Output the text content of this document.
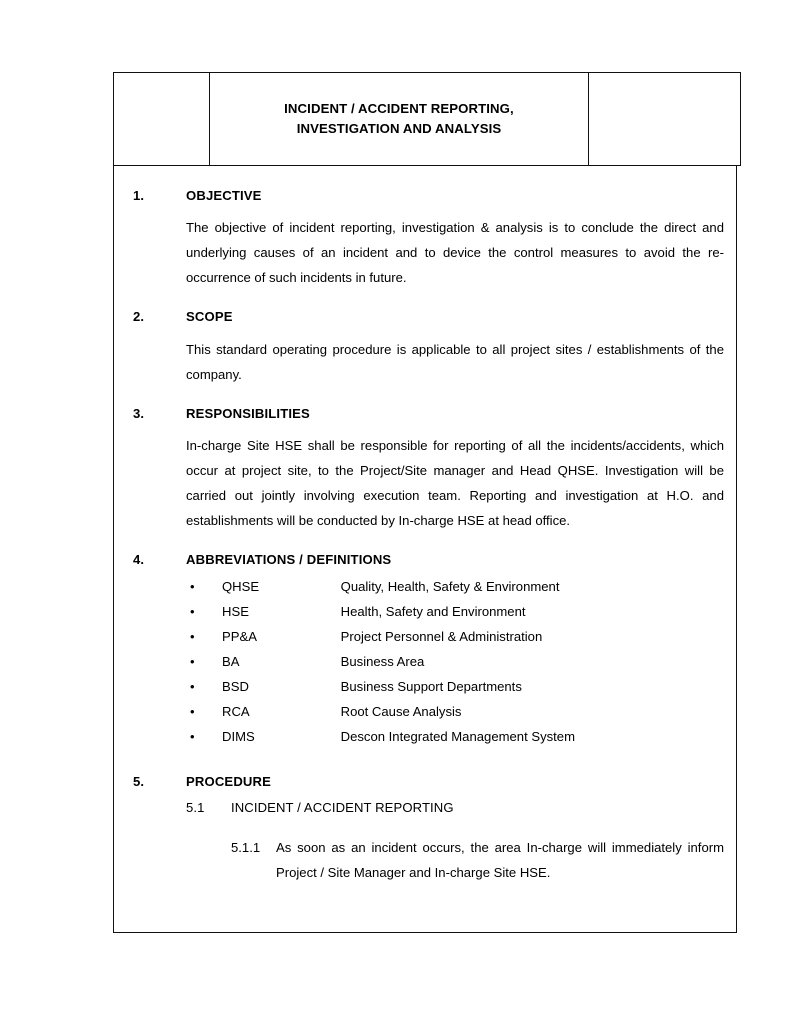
INCIDENT / ACCIDENT REPORTING,
INVESTIGATION AND ANALYSIS

1.	OBJECTIVE

The objective of incident reporting, investigation & analysis is to conclude the direct and underlying causes of an incident and to device the control measures to avoid the re-occurrence of such incidents in future.

2.	SCOPE

This standard operating procedure is applicable to all project sites / establishments of the company.

3.	RESPONSIBILITIES

In-charge Site HSE shall be responsible for reporting of all the incidents/accidents, which occur at project site, to the Project/Site manager and Head QHSE. Investigation will be carried out jointly involving execution team. Reporting and investigation at H.O. and establishments will be conducted by In-charge HSE at head office.

4.	ABBREVIATIONS / DEFINITIONS
• QHSE	Quality, Health, Safety & Environment
• HSE	Health, Safety and Environment
• PP&A	Project Personnel & Administration
• BA	Business Area
• BSD	Business Support Departments
• RCA	Root Cause Analysis
• DIMS	Descon Integrated Management System
5.	PROCEDURE
5.1 INCIDENT / ACCIDENT REPORTING
5.1.1 As soon as an incident occurs, the area In-charge will immediately inform Project / Site Manager and In-charge Site HSE.
